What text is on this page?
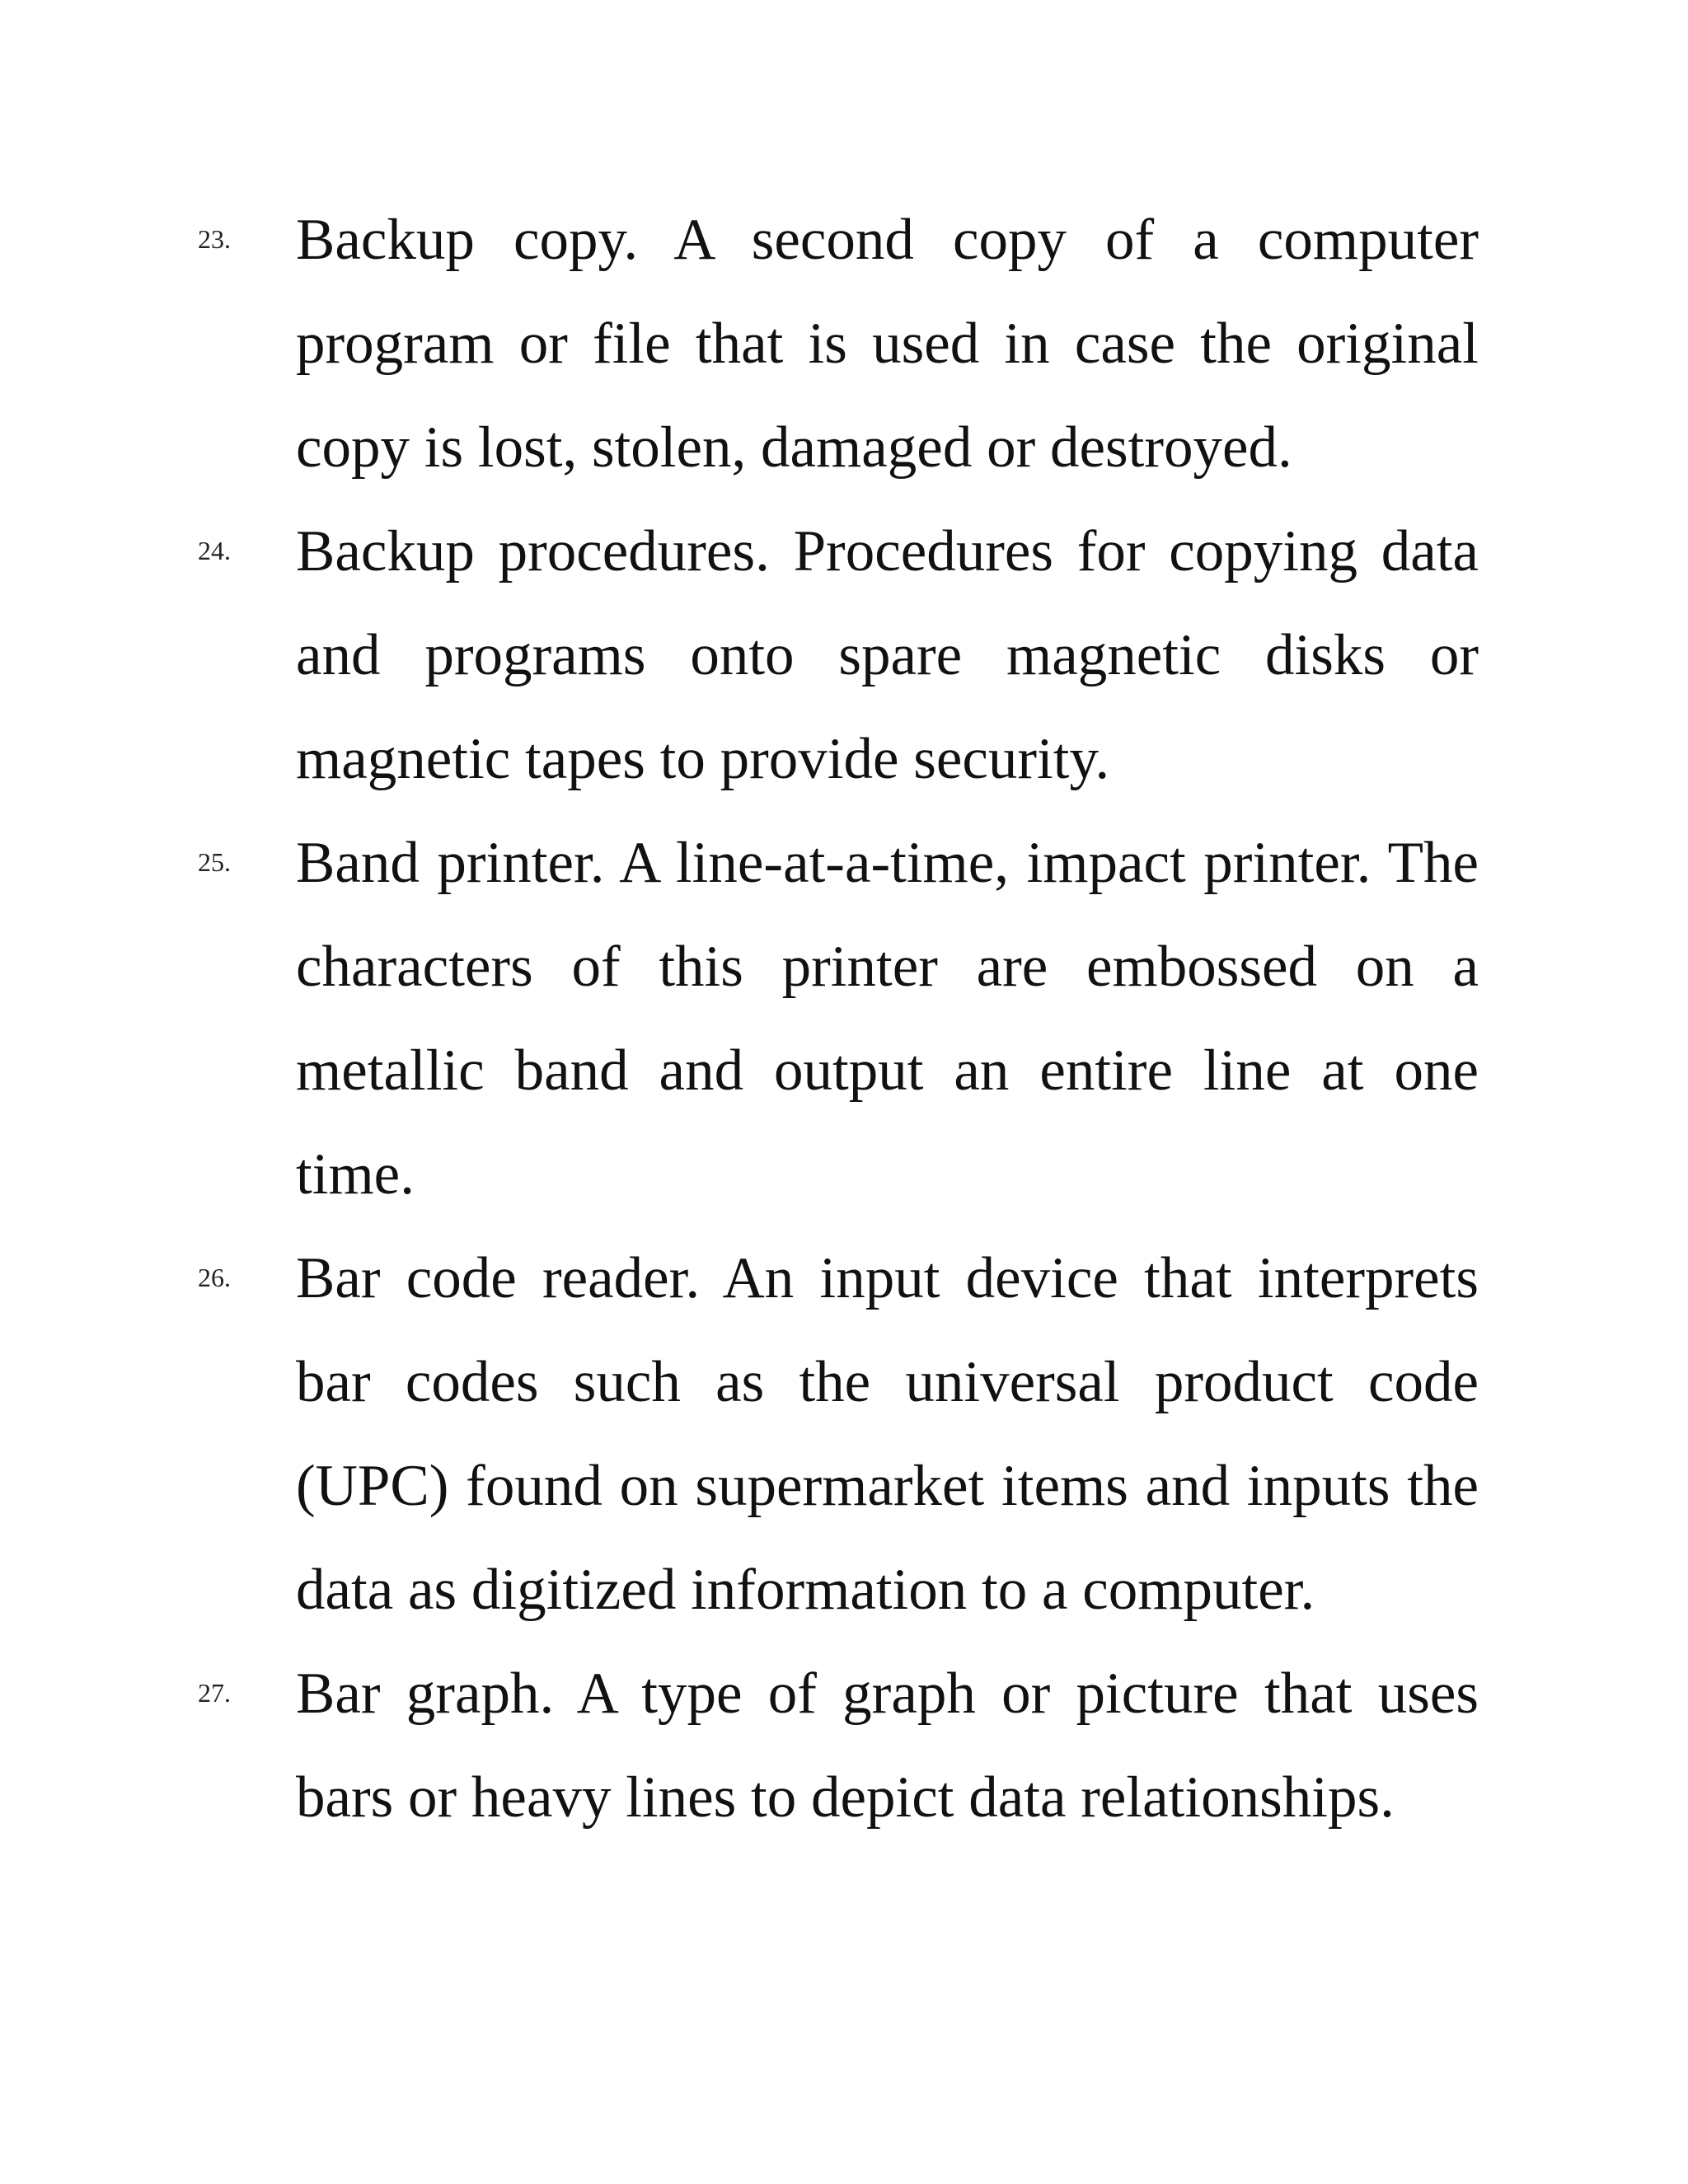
23. Backup copy. A second copy of a computer program or file that is used in case the original copy is lost, stolen, damaged or destroyed.
24. Backup procedures. Procedures for copying data and programs onto spare magnetic disks or magnetic tapes to provide security.
25. Band printer. A line-at-a-time, impact printer. The characters of this printer are embossed on a metallic band and output an entire line at one time.
26. Bar code reader. An input device that interprets bar codes such as the universal product code (UPC) found on supermarket items and inputs the data as digitized information to a computer.
27. Bar graph. A type of graph or picture that uses bars or heavy lines to depict data relationships.
